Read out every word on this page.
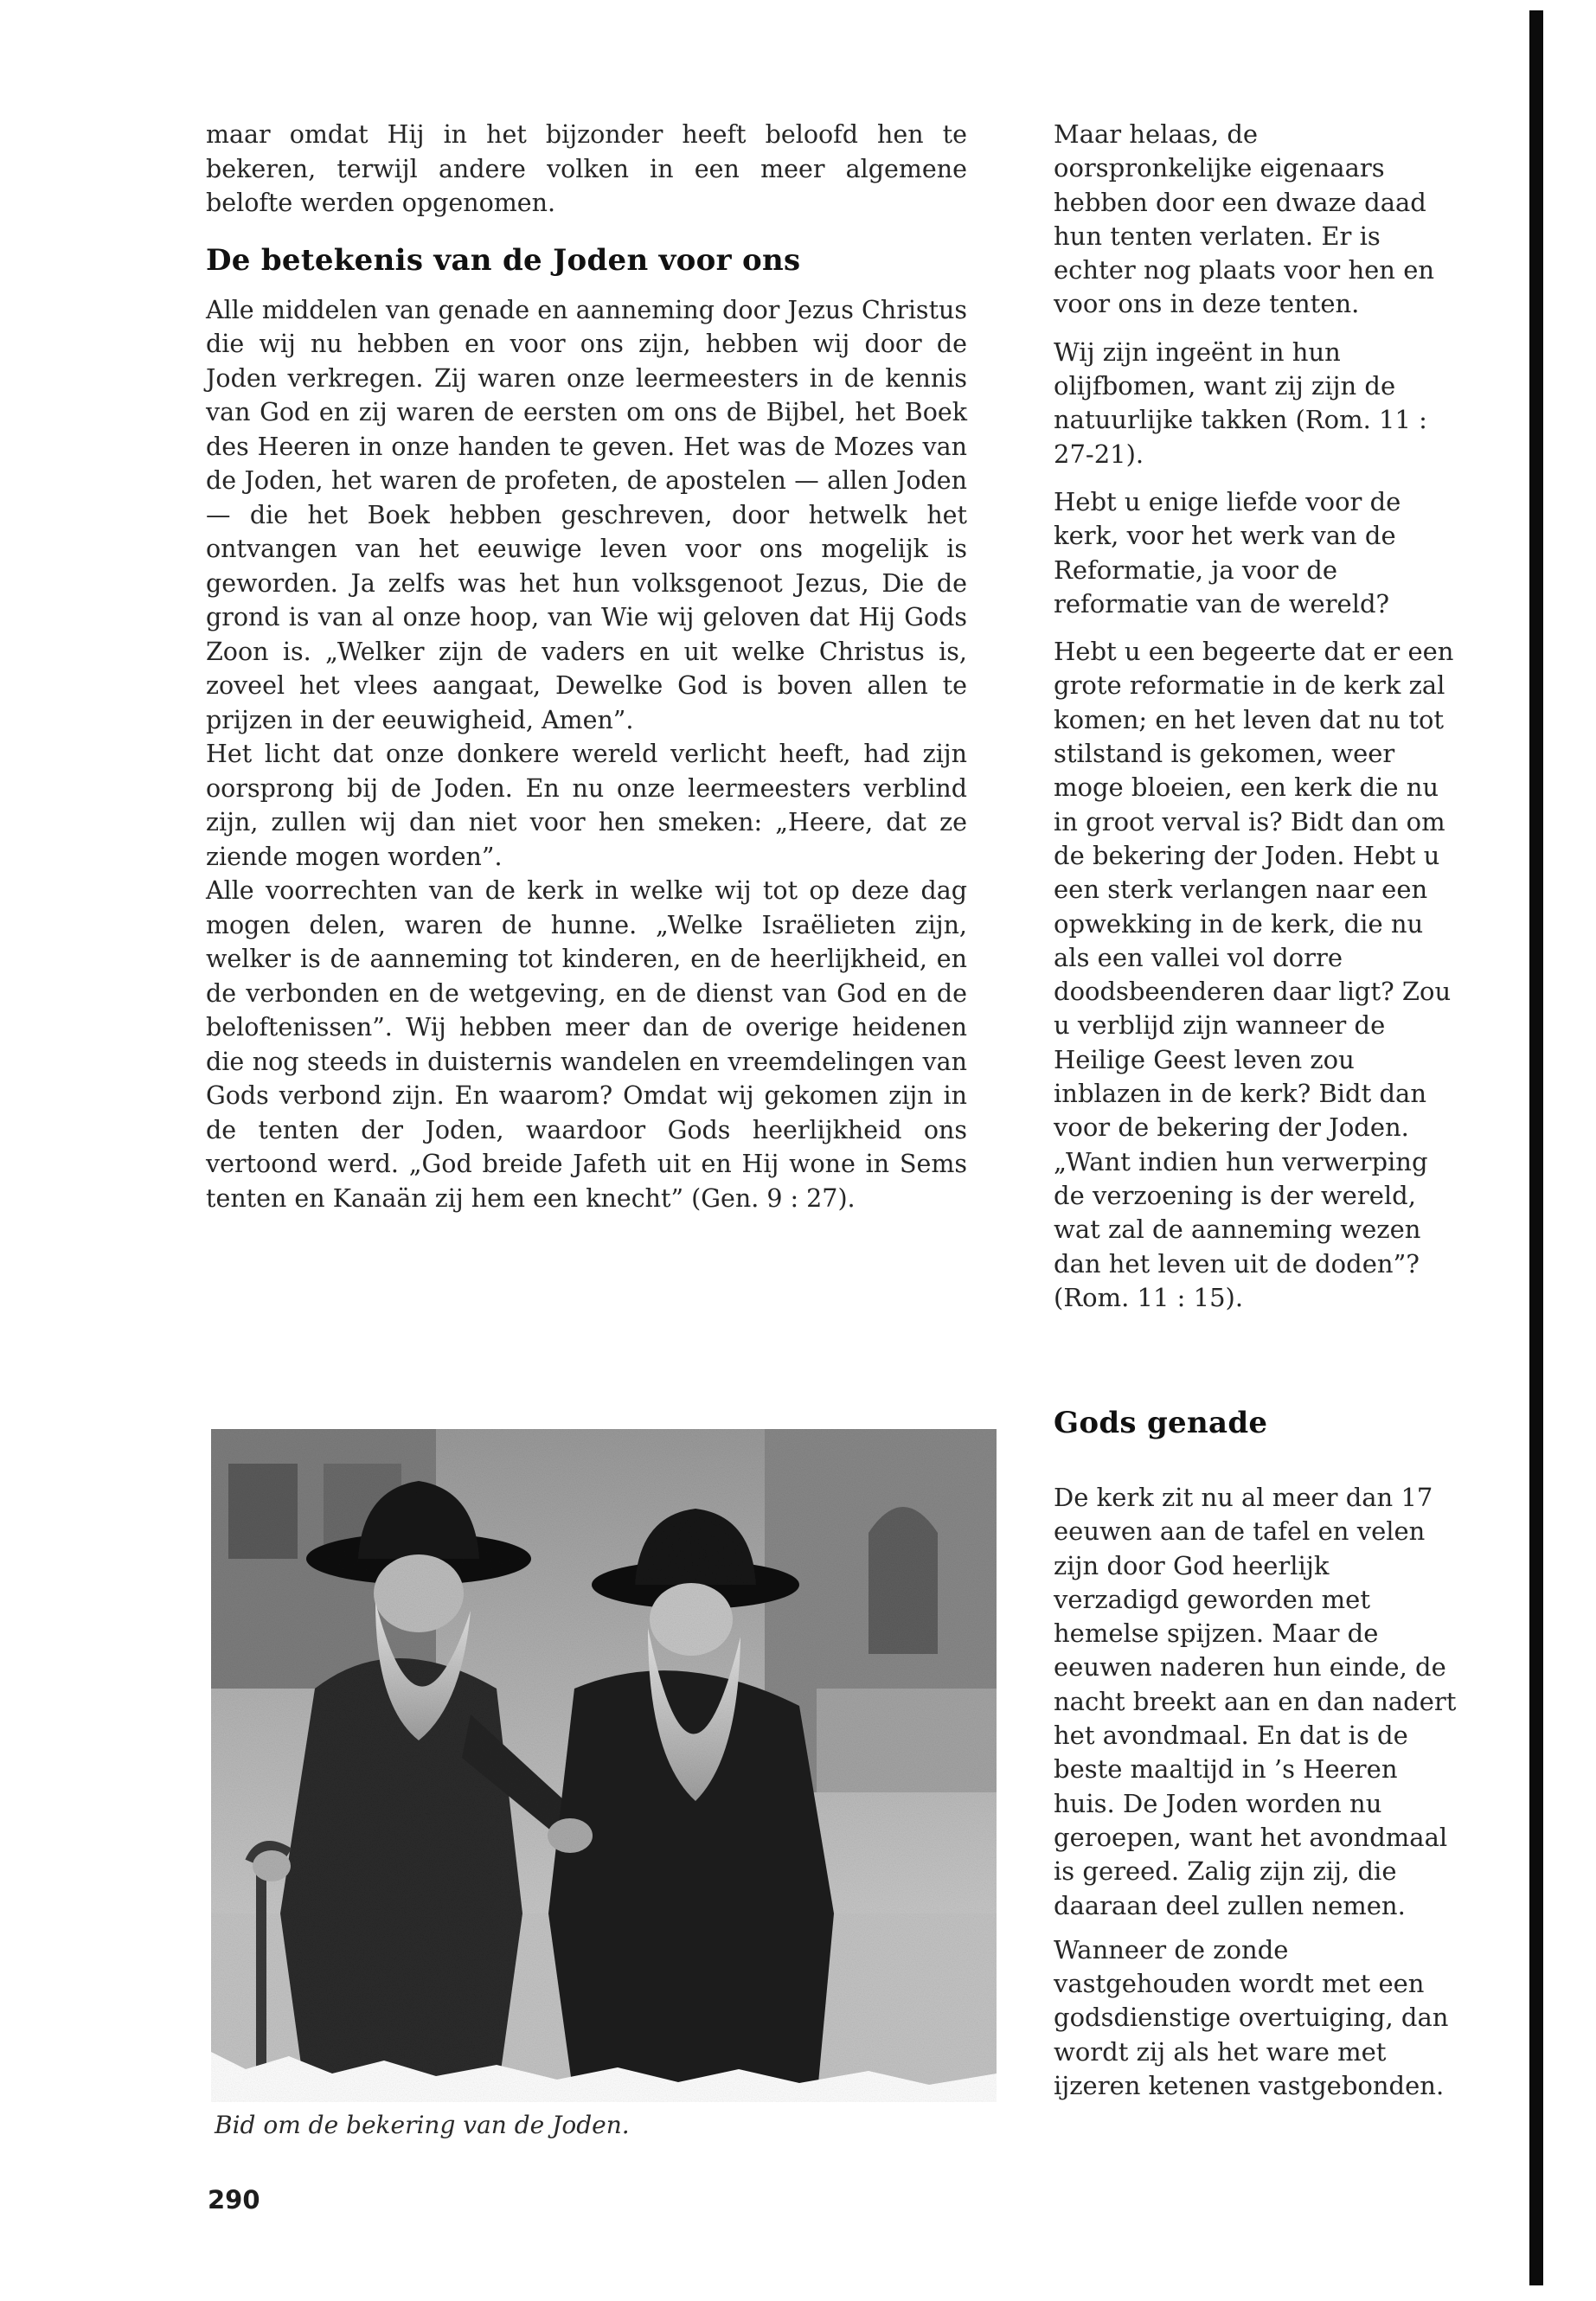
maar omdat Hij in het bijzonder heeft beloofd hen te bekeren, terwijl andere volken in een meer algemene belofte werden opgenomen.

De betekenis van de Joden voor ons

Alle middelen van genade en aanneming door Jezus Christus die wij nu hebben en voor ons zijn, hebben wij door de Joden verkregen. Zij waren onze leermeesters in de kennis van God en zij waren de eersten om ons de Bijbel, het Boek des Heeren in onze handen te geven. Het was de Mozes van de Joden, het waren de profeten, de apostelen — allen Joden — die het Boek hebben geschreven, door hetwelk het ontvangen van het eeuwige leven voor ons mogelijk is geworden. Ja zelfs was het hun volksgenoot Jezus, Die de grond is van al onze hoop, van Wie wij geloven dat Hij Gods Zoon is. „Welker zijn de vaders en uit welke Christus is, zoveel het vlees aangaat, Dewelke God is boven allen te prijzen in der eeuwigheid, Amen”.

Het licht dat onze donkere wereld verlicht heeft, had zijn oorsprong bij de Joden. En nu onze leermeesters verblind zijn, zullen wij dan niet voor hen smeken: „Heere, dat ze ziende mogen worden”.

Alle voorrechten van de kerk in welke wij tot op deze dag mogen delen, waren de hunne. „Welke Israëlieten zijn, welker is de aanneming tot kinderen, en de heerlijkheid, en de verbonden en de wetgeving, en de dienst van God en de beloftenissen”. Wij hebben meer dan de overige heidenen die nog steeds in duisternis wandelen en vreemdelingen van Gods verbond zijn. En waarom? Omdat wij gekomen zijn in de tenten der Joden, waardoor Gods heerlijkheid ons vertoond werd. „God breide Jafeth uit en Hij wone in Sems tenten en Kanaän zij hem een knecht” (Gen. 9 : 27).

Maar helaas, de oorspronkelijke eigenaars hebben door een dwaze daad hun tenten verlaten. Er is echter nog plaats voor hen en voor ons in deze tenten.

Wij zijn ingeënt in hun olijfbomen, want zij zijn de natuurlijke takken (Rom. 11 : 27-21).

Hebt u enige liefde voor de kerk, voor het werk van de Reformatie, ja voor de reformatie van de wereld?

Hebt u een begeerte dat er een grote reformatie in de kerk zal komen; en het leven dat nu tot stilstand is gekomen, weer moge bloeien, een kerk die nu in groot verval is? Bidt dan om de bekering der Joden. Hebt u een sterk verlangen naar een opwekking in de kerk, die nu als een vallei vol dorre doodsbeenderen daar ligt? Zou u verblijd zijn wanneer de Heilige Geest leven zou inblazen in de kerk? Bidt dan voor de bekering der Joden. „Want indien hun verwerping de verzoening is der wereld, wat zal de aanneming wezen dan het leven uit de doden”? (Rom. 11 : 15).

Gods genade

De kerk zit nu al meer dan 17 eeuwen aan de tafel en velen zijn door God heerlijk verzadigd geworden met hemelse spijzen. Maar de eeuwen naderen hun einde, de nacht breekt aan en dan nadert het avondmaal. En dat is de beste maaltijd in ’s Heeren huis. De Joden worden nu geroepen, want het avondmaal is gereed. Zalig zijn zij, die daaraan deel zullen nemen.

Wanneer de zonde vastgehouden wordt met een godsdienstige overtuiging, dan wordt zij als het ware met ijzeren ketenen vastgebonden.

Bid om de bekering van de Joden.

290
